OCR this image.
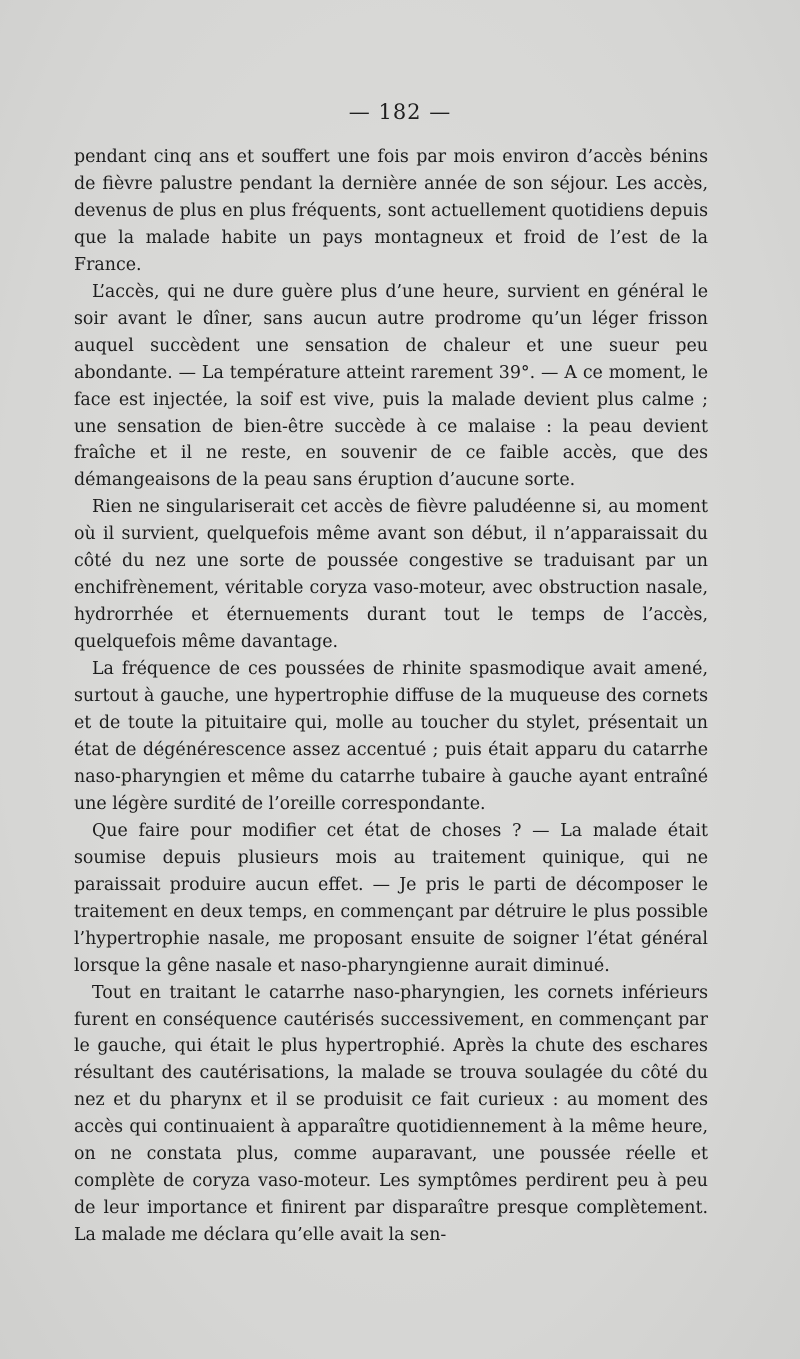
— 182 —

pendant cinq ans et souffert une fois par mois environ d’accès bénins de fièvre palustre pendant la dernière année de son séjour. Les accès, devenus de plus en plus fréquents, sont actuellement quotidiens depuis que la malade habite un pays montagneux et froid de l’est de la France.

L’accès, qui ne dure guère plus d’une heure, survient en général le soir avant le dîner, sans aucun autre prodrome qu’un léger frisson auquel succèdent une sensation de chaleur et une sueur peu abondante. — La température atteint rarement 39°. — A ce moment, le face est injectée, la soif est vive, puis la malade devient plus calme ; une sensation de bien-être succède à ce malaise : la peau devient fraîche et il ne reste, en souvenir de ce faible accès, que des démangeaisons de la peau sans éruption d’aucune sorte.

Rien ne singulariserait cet accès de fièvre paludéenne si, au moment où il survient, quelquefois même avant son début, il n’apparaissait du côté du nez une sorte de poussée congestive se traduisant par un enchifrènement, véritable coryza vaso-moteur, avec obstruction nasale, hydrorrhée et éternuements durant tout le temps de l’accès, quelquefois même davantage.

La fréquence de ces poussées de rhinite spasmodique avait amené, surtout à gauche, une hypertrophie diffuse de la muqueuse des cornets et de toute la pituitaire qui, molle au toucher du stylet, présentait un état de dégénérescence assez accentué ; puis était apparu du catarrhe naso-pharyngien et même du catarrhe tubaire à gauche ayant entraîné une légère surdité de l’oreille correspondante.

Que faire pour modifier cet état de choses ? — La malade était soumise depuis plusieurs mois au traitement quinique, qui ne paraissait produire aucun effet. — Je pris le parti de décomposer le traitement en deux temps, en commençant par détruire le plus possible l’hypertrophie nasale, me proposant ensuite de soigner l’état général lorsque la gêne nasale et naso-pharyngienne aurait diminué.

Tout en traitant le catarrhe naso-pharyngien, les cornets inférieurs furent en conséquence cautérisés successivement, en commençant par le gauche, qui était le plus hypertrophié. Après la chute des eschares résultant des cautérisations, la malade se trouva soulagée du côté du nez et du pharynx et il se produisit ce fait curieux : au moment des accès qui continuaient à apparaître quotidiennement à la même heure, on ne constata plus, comme auparavant, une poussée réelle et complète de coryza vaso-moteur. Les symptômes perdirent peu à peu de leur importance et finirent par disparaître presque complètement. La malade me déclara qu’elle avait la sen-
